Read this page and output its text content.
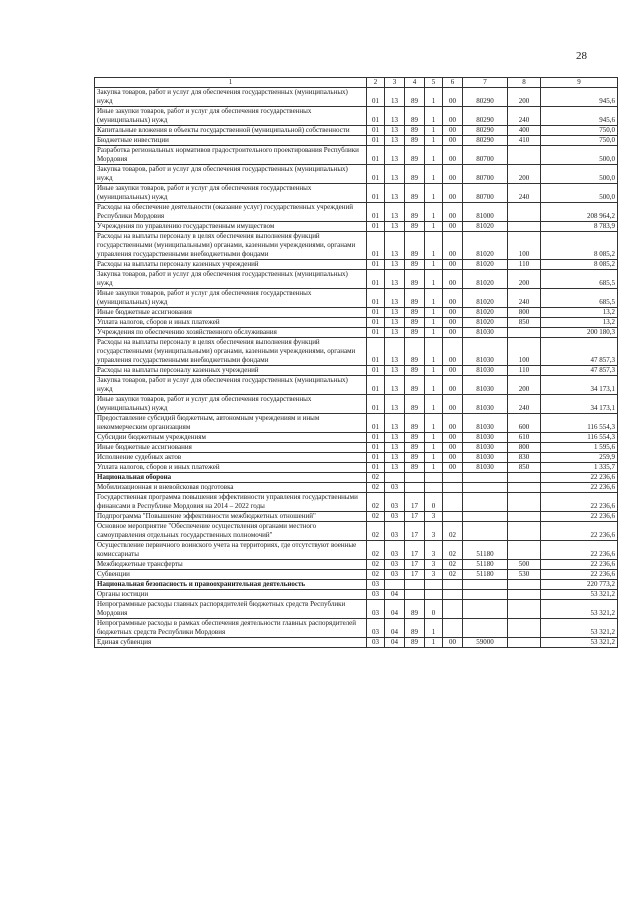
28
1	2	3	4	5	6	7	8	9
Закупка товаров, работ и услуг для обеспечения государственных (муниципальных) нужд	01	13	89	1	00	80290	200	945,6
Иные закупки товаров, работ и услуг для обеспечения государственных (муниципальных) нужд	01	13	89	1	00	80290	240	945,6
Капитальные вложения в объекты государственной (муниципальной) собственности	01	13	89	1	00	80290	400	750,0
Бюджетные инвестиции	01	13	89	1	00	80290	410	750,0
Разработка региональных нормативов градостроительного проектирования Республики Мордовия	01	13	89	1	00	80700		500,0
Закупка товаров, работ и услуг для обеспечения государственных (муниципальных) нужд	01	13	89	1	00	80700	200	500,0
Иные закупки товаров, работ и услуг для обеспечения государственных (муниципальных) нужд	01	13	89	1	00	80700	240	500,0
Расходы на обеспечение деятельности (оказание услуг) государственных учреждений Республики Мордовия	01	13	89	1	00	81000		208 964,2
Учреждения по управлению государственным имуществом	01	13	89	1	00	81020		8 783,9
Расходы на выплаты персоналу в целях обеспечения выполнения функций государственными (муниципальными) органами, казенными учреждениями, органами управления государственными внебюджетными фондами	01	13	89	1	00	81020	100	8 085,2
Расходы на выплаты персоналу казенных учреждений	01	13	89	1	00	81020	110	8 085,2
Закупка товаров, работ и услуг для обеспечения государственных (муниципальных) нужд	01	13	89	1	00	81020	200	685,5
Иные закупки товаров, работ и услуг для обеспечения государственных (муниципальных) нужд	01	13	89	1	00	81020	240	685,5
Иные бюджетные ассигнования	01	13	89	1	00	81020	800	13,2
Уплата налогов, сборов и иных платежей	01	13	89	1	00	81020	850	13,2
Учреждения по обеспечению хозяйственного обслуживания	01	13	89	1	00	81030		200 180,3
Расходы на выплаты персоналу в целях обеспечения выполнения функций государственными (муниципальными) органами, казенными учреждениями, органами управления государственными внебюджетными фондами	01	13	89	1	00	81030	100	47 857,3
Расходы на выплаты персоналу казенных учреждений	01	13	89	1	00	81030	110	47 857,3
Закупка товаров, работ и услуг для обеспечения государственных (муниципальных) нужд	01	13	89	1	00	81030	200	34 173,1
Иные закупки товаров, работ и услуг для обеспечения государственных (муниципальных) нужд	01	13	89	1	00	81030	240	34 173,1
Предоставление субсидий бюджетным, автономным учреждениям и иным некоммерческим организациям	01	13	89	1	00	81030	600	116 554,3
Субсидии бюджетным учреждениям	01	13	89	1	00	81030	610	116 554,3
Иные бюджетные ассигнования	01	13	89	1	00	81030	800	1 595,6
Исполнение судебных актов	01	13	89	1	00	81030	830	259,9
Уплата налогов, сборов и иных платежей	01	13	89	1	00	81030	850	1 335,7
Национальная оборона	02							22 236,6
Мобилизационная и вневойсковая подготовка	02	03						22 236,6
Государственная программа повышения эффективности управления государственными финансами в Республике Мордовия на 2014 – 2022 годы	02	03	17	0				22 236,6
Подпрограмма "Повышение эффективности межбюджетных отношений"	02	03	17	3				22 236,6
Основное мероприятие "Обеспечение осуществления органами местного самоуправления отдельных государственных полномочий"	02	03	17	3	02			22 236,6
Осуществление первичного воинского учета на территориях, где отсутствуют военные комиссариаты	02	03	17	3	02	51180		22 236,6
Межбюджетные трансферты	02	03	17	3	02	51180	500	22 236,6
Субвенции	02	03	17	3	02	51180	530	22 236,6
Национальная безопасность и правоохранительная деятельность	03							220 773,2
Органы юстиции	03	04						53 321,2
Непрограммные расходы главных распорядителей бюджетных средств Республики Мордовия	03	04	89	0				53 321,2
Непрограммные расходы в рамках обеспечения деятельности главных распорядителей бюджетных средств Республики Мордовия	03	04	89	1				53 321,2
Единая субвенция	03	04	89	1	00	59000		53 321,2
